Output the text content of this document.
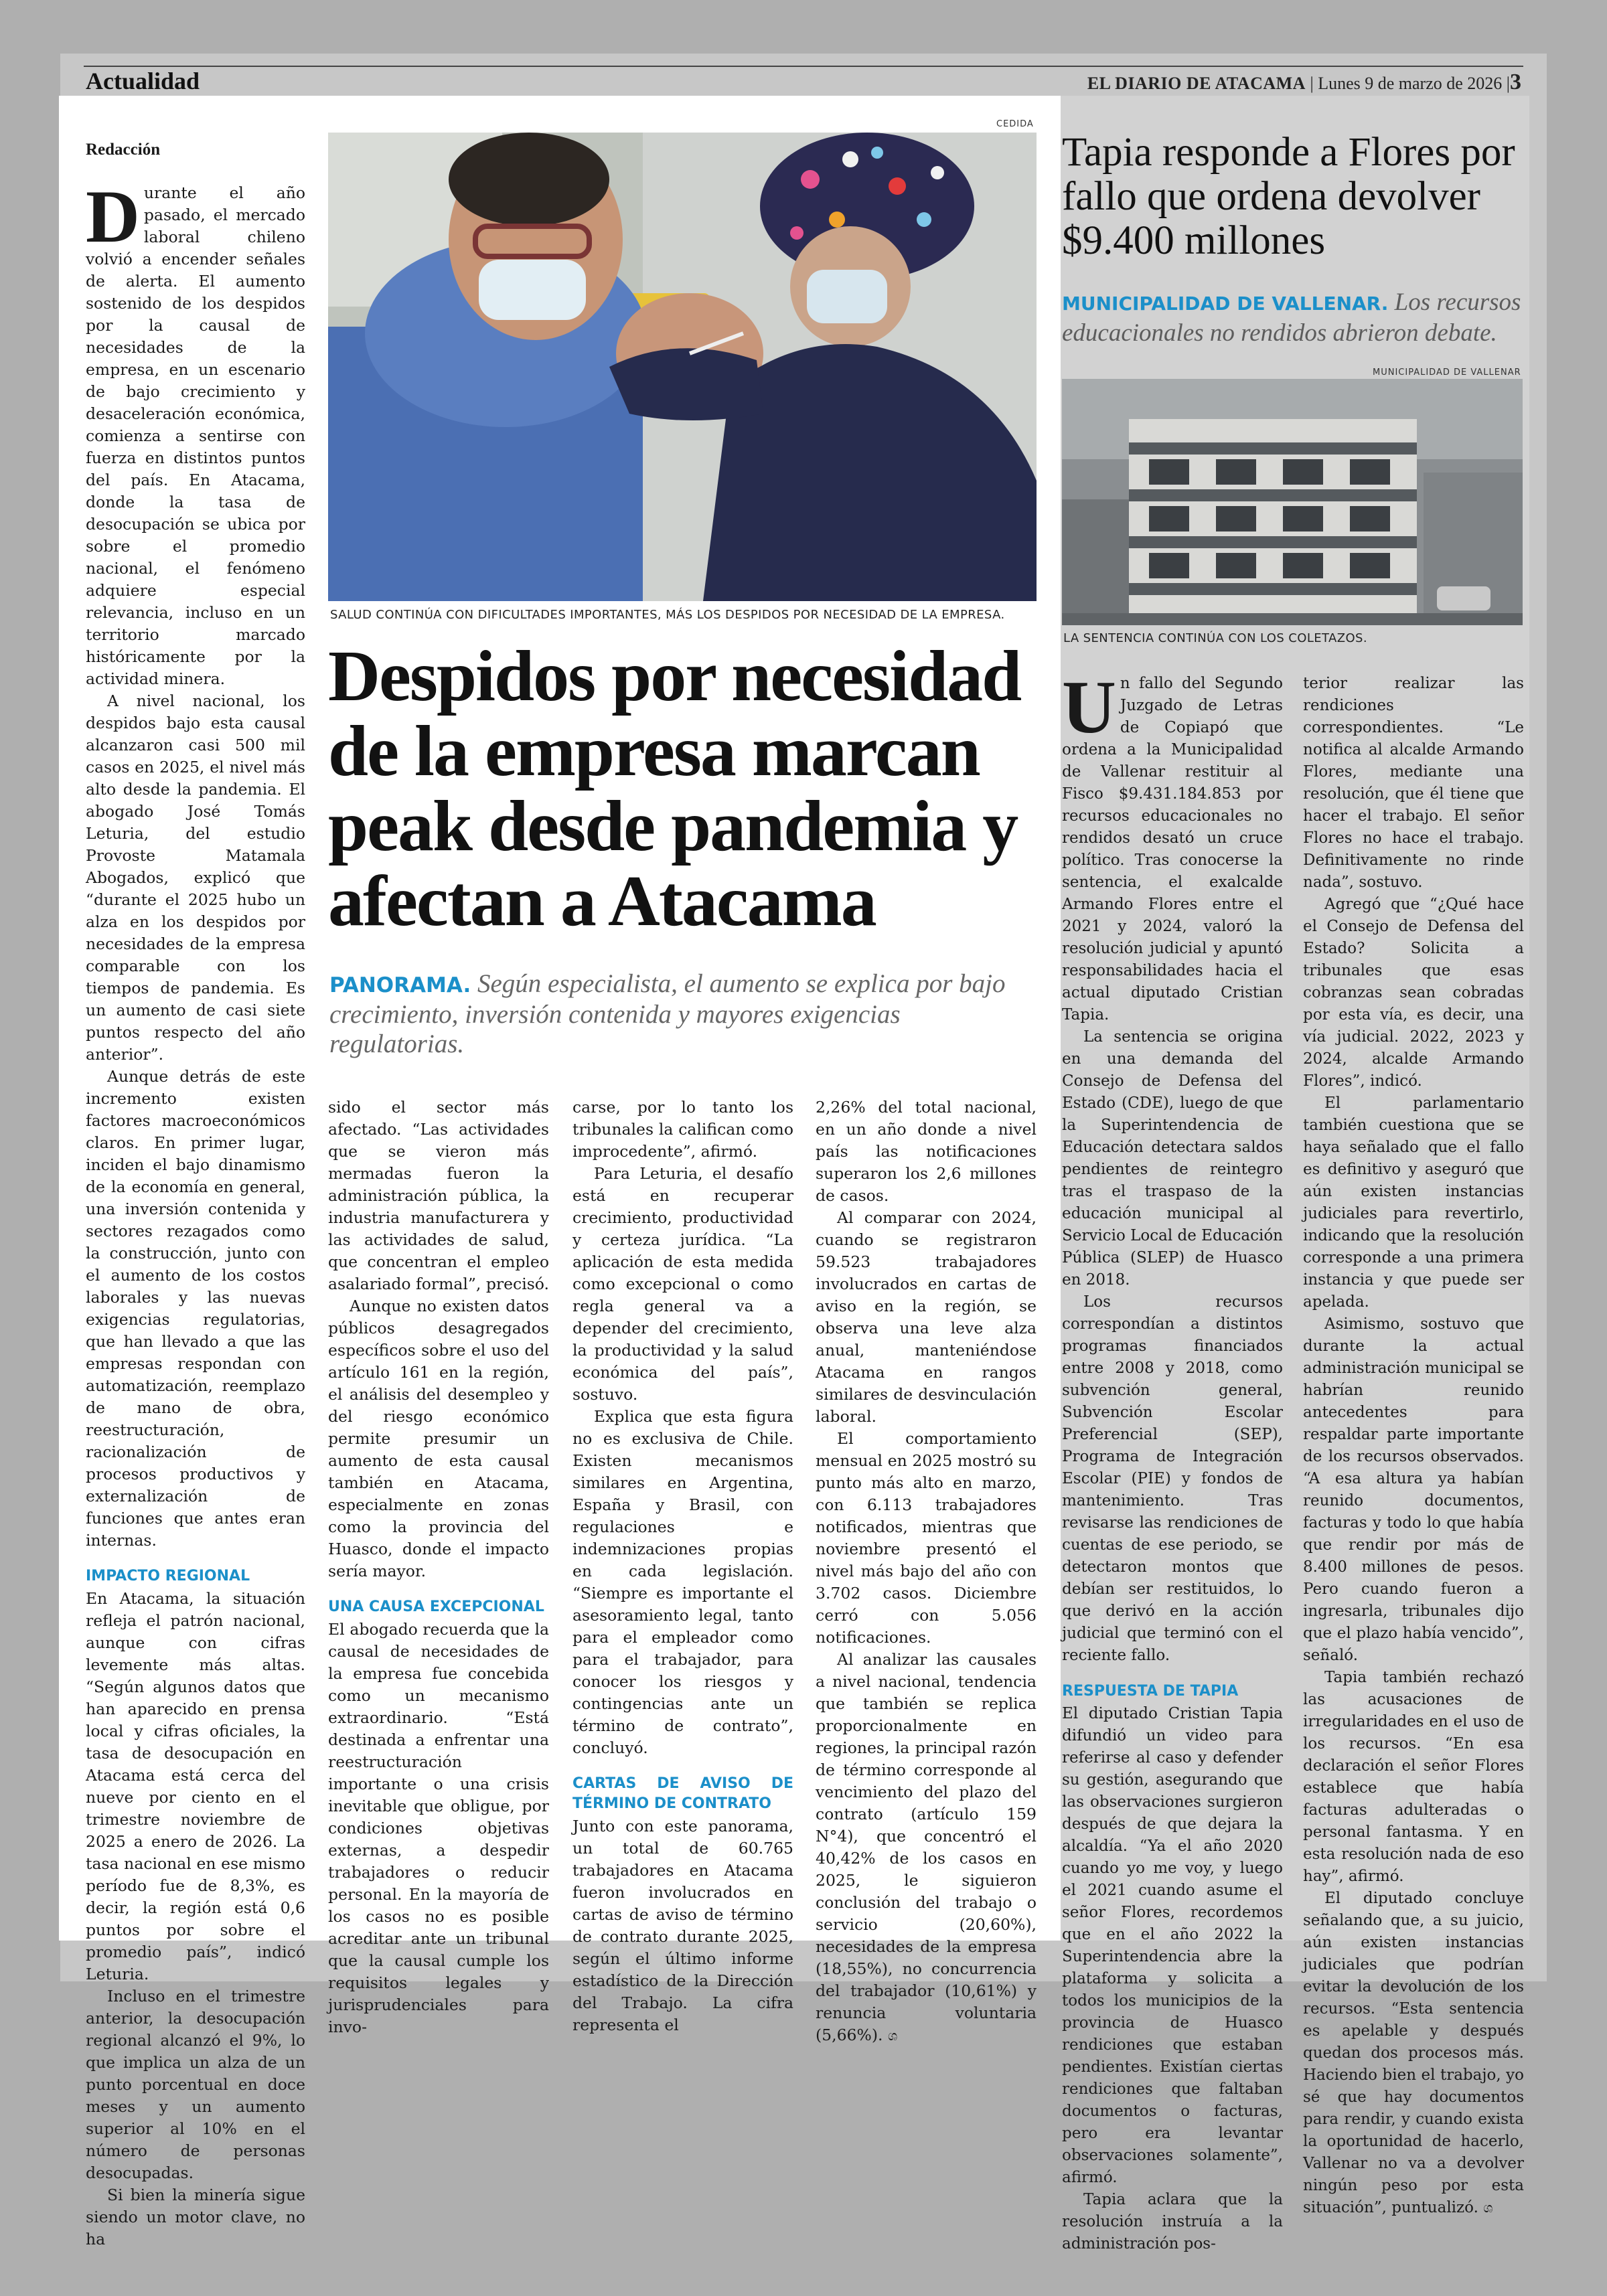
Actualidad	EL DIARIO DE ATACAMA | Lunes 9 de marzo de 2026 |3
Redacción
CEDIDA
SALUD CONTINÚA CON DIFICULTADES IMPORTANTES, MÁS LOS DESPIDOS POR NECESIDAD DE LA EMPRESA.
Despidos por necesidad de la empresa marcan peak desde pandemia y afectan a Atacama
PANORAMA. Según especialista, el aumento se explica por bajo crecimiento, inversión contenida y mayores exigencias regulatorias.

Durante el año pasado, el mercado laboral chileno volvió a encender señales de alerta. El aumento sostenido de los despidos por la causal de necesidades de la empresa, en un escenario de bajo crecimiento y desaceleración económica, comienza a sentirse con fuerza en distintos puntos del país. En Atacama, donde la tasa de desocupación se ubica por sobre el promedio nacional, el fenómeno adquiere especial relevancia, incluso en un territorio marcado históricamente por la actividad minera.

A nivel nacional, los despidos bajo esta causal alcanzaron casi 500 mil casos en 2025, el nivel más alto desde la pandemia. El abogado José Tomás Leturia, del estudio Provoste Matamala Abogados, explicó que “durante el 2025 hubo un alza en los despidos por necesidades de la empresa comparable con los tiempos de pandemia. Es un aumento de casi siete puntos respecto del año anterior”.

Aunque detrás de este incremento existen factores macroeconómicos claros. En primer lugar, inciden el bajo dinamismo de la economía en general, una inversión contenida y sectores rezagados como la construcción, junto con el aumento de los costos laborales y las nuevas exigencias regulatorias, que han llevado a que las empresas respondan con automatización, reemplazo de mano de obra, reestructuración, racionalización de procesos productivos y externalización de funciones que antes eran internas.

IMPACTO REGIONAL

En Atacama, la situación refleja el patrón nacional, aunque con cifras levemente más altas. “Según algunos datos que han aparecido en prensa local y cifras oficiales, la tasa de desocupación en Atacama está cerca del nueve por ciento en el trimestre noviembre de 2025 a enero de 2026. La tasa nacional en ese mismo período fue de 8,3%, es decir, la región está 0,6 puntos por sobre el promedio país”, indicó Leturia.

Incluso en el trimestre anterior, la desocupación regional alcanzó el 9%, lo que implica un alza de un punto porcentual en doce meses y un aumento superior al 10% en el número de personas desocupadas.

Si bien la minería sigue siendo un motor clave, no ha

sido el sector más afectado. “Las actividades que se vieron más mermadas fueron la administración pública, la industria manufacturera y las actividades de salud, que concentran el empleo asalariado formal”, precisó.

Aunque no existen datos públicos desagregados específicos sobre el uso del artículo 161 en la región, el análisis del desempleo y del riesgo económico permite presumir un aumento de esta causal también en Atacama, especialmente en zonas como la provincia del Huasco, donde el impacto sería mayor.

UNA CAUSA EXCEPCIONAL

El abogado recuerda que la causal de necesidades de la empresa fue concebida como un mecanismo extraordinario. “Está destinada a enfrentar una reestructuración importante o una crisis inevitable que obligue, por condiciones objetivas externas, a despedir trabajadores o reducir personal. En la mayoría de los casos no es posible acreditar ante un tribunal que la causal cumple los requisitos legales y jurisprudenciales para invo-

carse, por lo tanto los tribunales la califican como improcedente”, afirmó.

Para Leturia, el desafío está en recuperar crecimiento, productividad y certeza jurídica. “La aplicación de esta medida como excepcional o como regla general va a depender del crecimiento, la productividad y la salud económica del país”, sostuvo.

Explica que esta figura no es exclusiva de Chile. Existen mecanismos similares en Argentina, España y Brasil, con regulaciones e indemnizaciones propias en cada legislación. “Siempre es importante el asesoramiento legal, tanto para el empleador como para el trabajador, para conocer los riesgos y contingencias ante un término de contrato”, concluyó.

CARTAS DE AVISO DE TÉRMINO DE CONTRATO

Junto con este panorama, un total de 60.765 trabajadores en Atacama fueron involucrados en cartas de aviso de término de contrato durante 2025, según el último informe estadístico de la Dirección del Trabajo. La cifra representa el

2,26% del total nacional, en un año donde a nivel país las notificaciones superaron los 2,6 millones de casos.

Al comparar con 2024, cuando se registraron 59.523 trabajadores involucrados en cartas de aviso en la región, se observa una leve alza anual, manteniéndose Atacama en rangos similares de desvinculación laboral.

El comportamiento mensual en 2025 mostró su punto más alto en marzo, con 6.113 trabajadores notificados, mientras que noviembre presentó el nivel más bajo del año con 3.702 casos. Diciembre cerró con 5.056 notificaciones.

Al analizar las causales a nivel nacional, tendencia que también se replica proporcionalmente en regiones, la principal razón de término corresponde al vencimiento del plazo del contrato (artículo 159 N°4), que concentró el 40,42% de los casos en 2025, le siguieron conclusión del trabajo o servicio (20,60%), necesidades de la empresa (18,55%), no concurrencia del trabajador (10,61%) y renuncia voluntaria (5,66%). ශ

Tapia responde a Flores por fallo que ordena devolver $9.400 millones
MUNICIPALIDAD DE VALLENAR. Los recursos educacionales no rendidos abrieron debate.
MUNICIPALIDAD DE VALLENAR
LA SENTENCIA CONTINÚA CON LOS COLETAZOS.

Un fallo del Segundo Juzgado de Letras de Copiapó que ordena a la Municipalidad de Vallenar restituir al Fisco $9.431.184.853 por recursos educacionales no rendidos desató un cruce político. Tras conocerse la sentencia, el exalcalde Armando Flores entre el 2021 y 2024, valoró la resolución judicial y apuntó responsabilidades hacia el actual diputado Cristian Tapia.

La sentencia se origina en una demanda del Consejo de Defensa del Estado (CDE), luego de que la Superintendencia de Educación detectara saldos pendientes de reintegro tras el traspaso de la educación municipal al Servicio Local de Educación Pública (SLEP) de Huasco en 2018.

Los recursos correspondían a distintos programas financiados entre 2008 y 2018, como subvención general, Subvención Escolar Preferencial (SEP), Programa de Integración Escolar (PIE) y fondos de mantenimiento. Tras revisarse las rendiciones de cuentas de ese periodo, se detectaron montos que debían ser restituidos, lo que derivó en la acción judicial que terminó con el reciente fallo.

RESPUESTA DE TAPIA

El diputado Cristian Tapia difundió un video para referirse al caso y defender su gestión, asegurando que las observaciones surgieron después de que dejara la alcaldía. “Ya el año 2020 cuando yo me voy, y luego el 2021 cuando asume el señor Flores, recordemos que en el año 2022 la Superintendencia abre la plataforma y solicita a todos los municipios de la provincia de Huasco rendiciones que estaban pendientes. Existían ciertas rendiciones que faltaban documentos o facturas, pero era levantar observaciones solamente”, afirmó.

Tapia aclara que la resolución instruía a la administración pos-

terior realizar las rendiciones correspondientes. “Le notifica al alcalde Armando Flores, mediante una resolución, que él tiene que hacer el trabajo. El señor Flores no hace el trabajo. Definitivamente no rinde nada”, sostuvo.

Agregó que “¿Qué hace el Consejo de Defensa del Estado? Solicita a tribunales que esas cobranzas sean cobradas por esta vía, es decir, una vía judicial. 2022, 2023 y 2024, alcalde Armando Flores”, indicó.

El parlamentario también cuestiona que se haya señalado que el fallo es definitivo y aseguró que aún existen instancias judiciales para revertirlo, indicando que la resolución corresponde a una primera instancia y que puede ser apelada.

Asimismo, sostuvo que durante la actual administración municipal se habrían reunido antecedentes para respaldar parte importante de los recursos observados. “A esa altura ya habían reunido documentos, facturas y todo lo que había que rendir por más de 8.400 millones de pesos. Pero cuando fueron a ingresarla, tribunales dijo que el plazo había vencido”, señaló.

Tapia también rechazó las acusaciones de irregularidades en el uso de los recursos. “En esa declaración el señor Flores establece que había facturas adulteradas o personal fantasma. Y en esta resolución nada de eso hay”, afirmó.

El diputado concluye señalando que, a su juicio, aún existen instancias judiciales que podrían evitar la devolución de los recursos. “Esta sentencia es apelable y después quedan dos procesos más. Haciendo bien el trabajo, yo sé que hay documentos para rendir, y cuando exista la oportunidad de hacerlo, Vallenar no va a devolver ningún peso por esta situación”, puntualizó. ශ
